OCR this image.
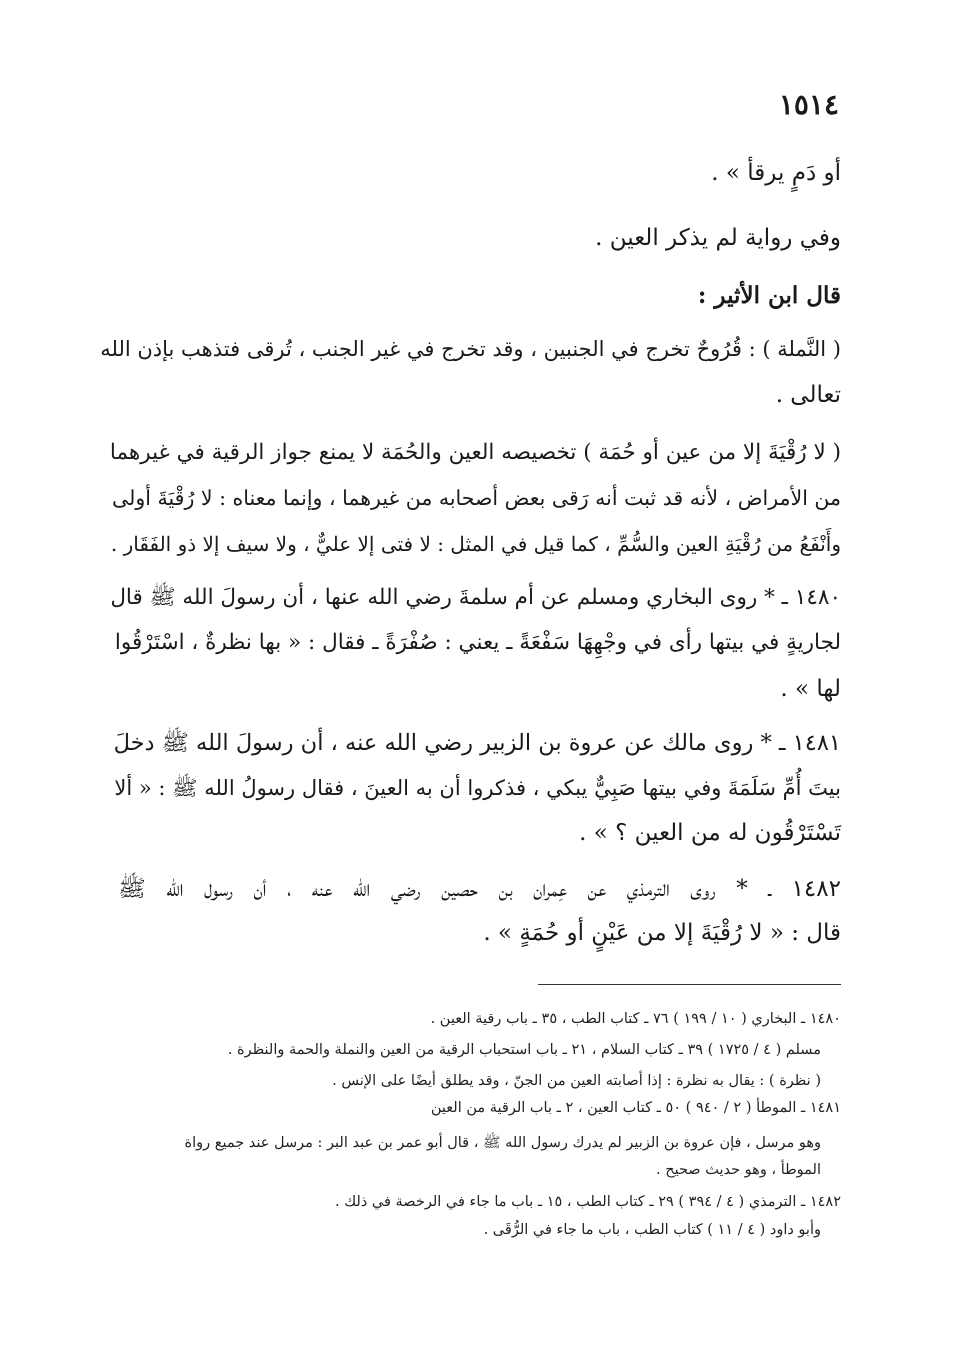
١٥١٤
أو دَمٍ يرقأ » .
وفي رواية لم يذكر العين .
قال ابن الأثير :
( النَّملة ) : قُرُوحٌ تخرج في الجنبين ، وقد تخرج في غير الجنب ، تُرقى فتذهب بإذن الله
تعالى .
( لا رُقْيَةَ إلا من عين أو حُمَة ) تخصيصه العين والحُمَة لا يمنع جواز الرقية في غيرهما
من الأمراض ، لأنه قد ثبت أنه رَقى بعض أصحابه من غيرهما ، وإنما معناه : لا رُقْيَةَ أولى
وأَنْفَعُ من رُقْيَةِ العين والسُّمِّ ، كما قيل في المثل : لا فتى إلا عليٌّ ، ولا سيف إلا ذو الفَقَار .
١٤٨٠ ـ * روى البخاري ومسلم عن أم سلمةَ رضي الله عنها ، أن رسولَ الله ﷺ قال
لجاريةٍ في بيتها رأى في وجْهِهَا سَفْعَةً ـ يعني : صُفْرَةً ـ فقال : « بها نظرةٌ ، اسْتَرْقُوا
لها » .
١٤٨١ ـ * روى مالك عن عروة بن الزبير رضي الله عنه ، أن رسولَ الله ﷺ دخلَ
بيتَ أُمِّ سَلَمَةَ وفي بيتها صَبِيٌّ يبكي ، فذكروا أن به العينَ ، فقال رسولُ الله ﷺ : « ألا
تَسْتَرْقُون له من العين ؟ » .
١٤٨٢ ـ * روى الترمذي عن عِمران بن حصين رضي الله عنه ، أن رسول الله ﷺ
قال : « لا رُقْيَةَ إلا من عَيْنٍ أو حُمَةٍ » .
١٤٨٠ ـ البخاري ( ١٠ / ١٩٩ ) ٧٦ ـ كتاب الطب ، ٣٥ ـ باب رقية العين .
مسلم ( ٤ / ١٧٢٥ ) ٣٩ ـ كتاب السلام ، ٢١ ـ باب استحباب الرقية من العين والنملة والحمة والنظرة .
( نظرة ) : يقال به نظرة : إذا أصابته العين من الجنّ ، وقد يطلق أيضًا على الإنس .
١٤٨١ ـ الموطأ ( ٢ / ٩٤٠ ) ٥٠ ـ كتاب العين ، ٢ ـ باب الرقية من العين
وهو مرسل ، فإن عروة بن الزبير لم يدرك رسول الله ﷺ ، قال أبو عمر بن عبد البر : مرسل عند جميع رواة
الموطأ ، وهو حديث صحيح .
١٤٨٢ ـ الترمذي ( ٤ / ٣٩٤ ) ٢٩ ـ كتاب الطب ، ١٥ ـ باب ما جاء في الرخصة في ذلك .
وأبو داود ( ٤ / ١١ ) كتاب الطب ، باب ما جاء في الرُّقَى .
